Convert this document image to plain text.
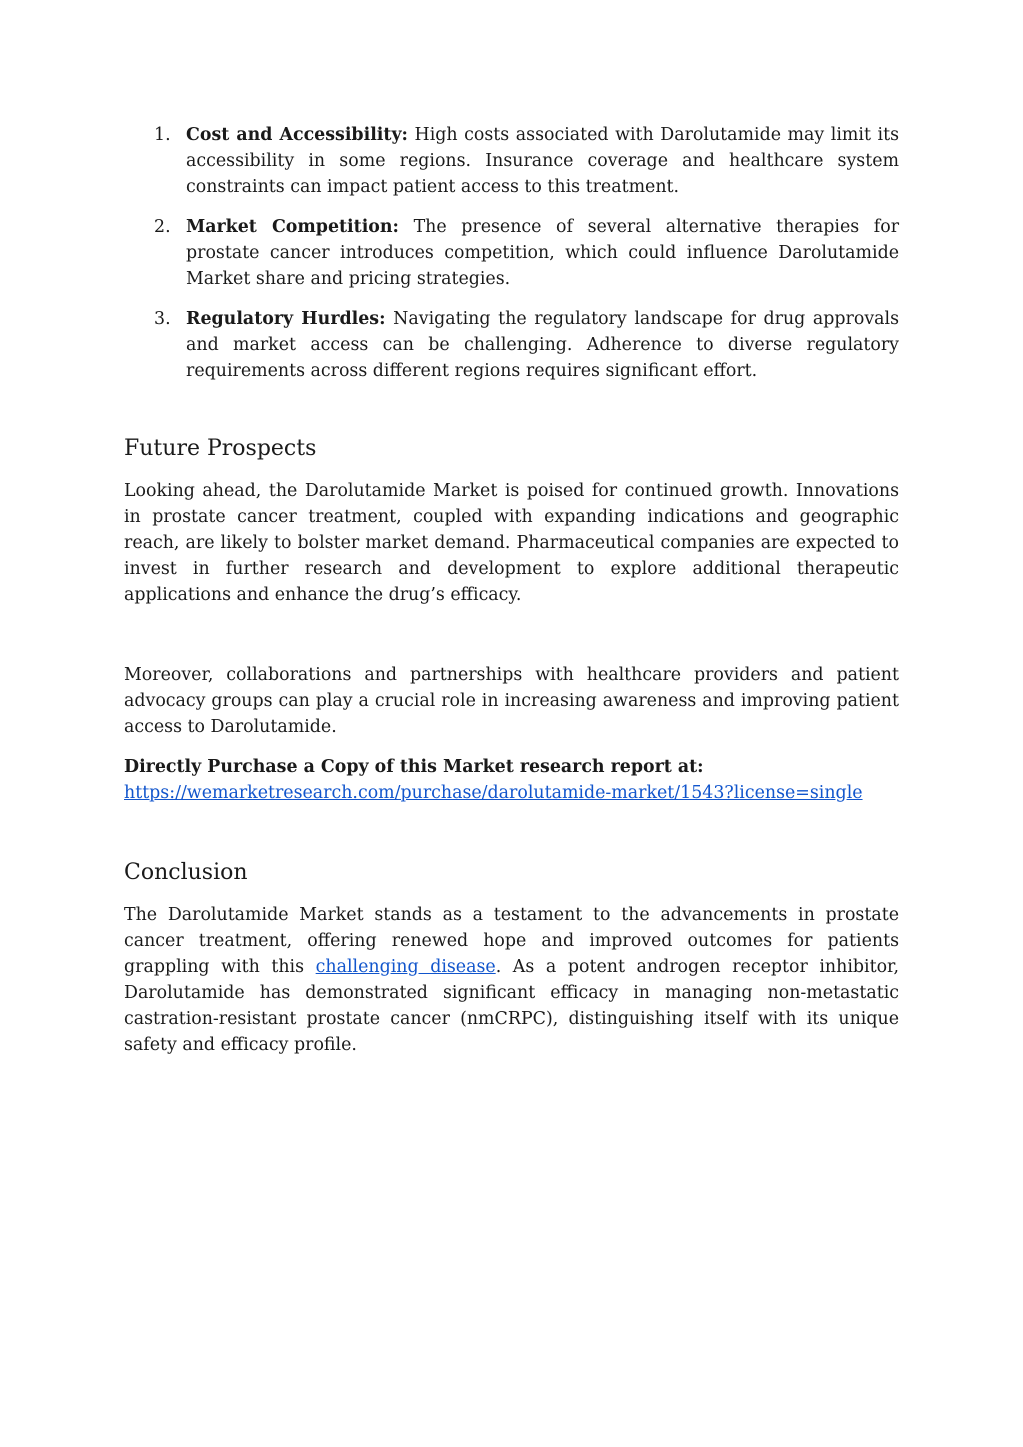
1. Cost and Accessibility: High costs associated with Darolutamide may limit its accessibility in some regions. Insurance coverage and healthcare system constraints can impact patient access to this treatment.
2. Market Competition: The presence of several alternative therapies for prostate cancer introduces competition, which could influence Darolutamide Market share and pricing strategies.
3. Regulatory Hurdles: Navigating the regulatory landscape for drug approvals and market access can be challenging. Adherence to diverse regulatory requirements across different regions requires significant effort.
Future Prospects

Looking ahead, the Darolutamide Market is poised for continued growth. Innovations in prostate cancer treatment, coupled with expanding indications and geographic reach, are likely to bolster market demand. Pharmaceutical companies are expected to invest in further research and development to explore additional therapeutic applications and enhance the drug’s efficacy.

Moreover, collaborations and partnerships with healthcare providers and patient advocacy groups can play a crucial role in increasing awareness and improving patient access to Darolutamide.

Directly Purchase a Copy of this Market research report at:
https://wemarketresearch.com/purchase/darolutamide-market/1543?license=single

Conclusion

The Darolutamide Market stands as a testament to the advancements in prostate cancer treatment, offering renewed hope and improved outcomes for patients grappling with this challenging disease. As a potent androgen receptor inhibitor, Darolutamide has demonstrated significant efficacy in managing non-metastatic castration-resistant prostate cancer (nmCRPC), distinguishing itself with its unique safety and efficacy profile.
